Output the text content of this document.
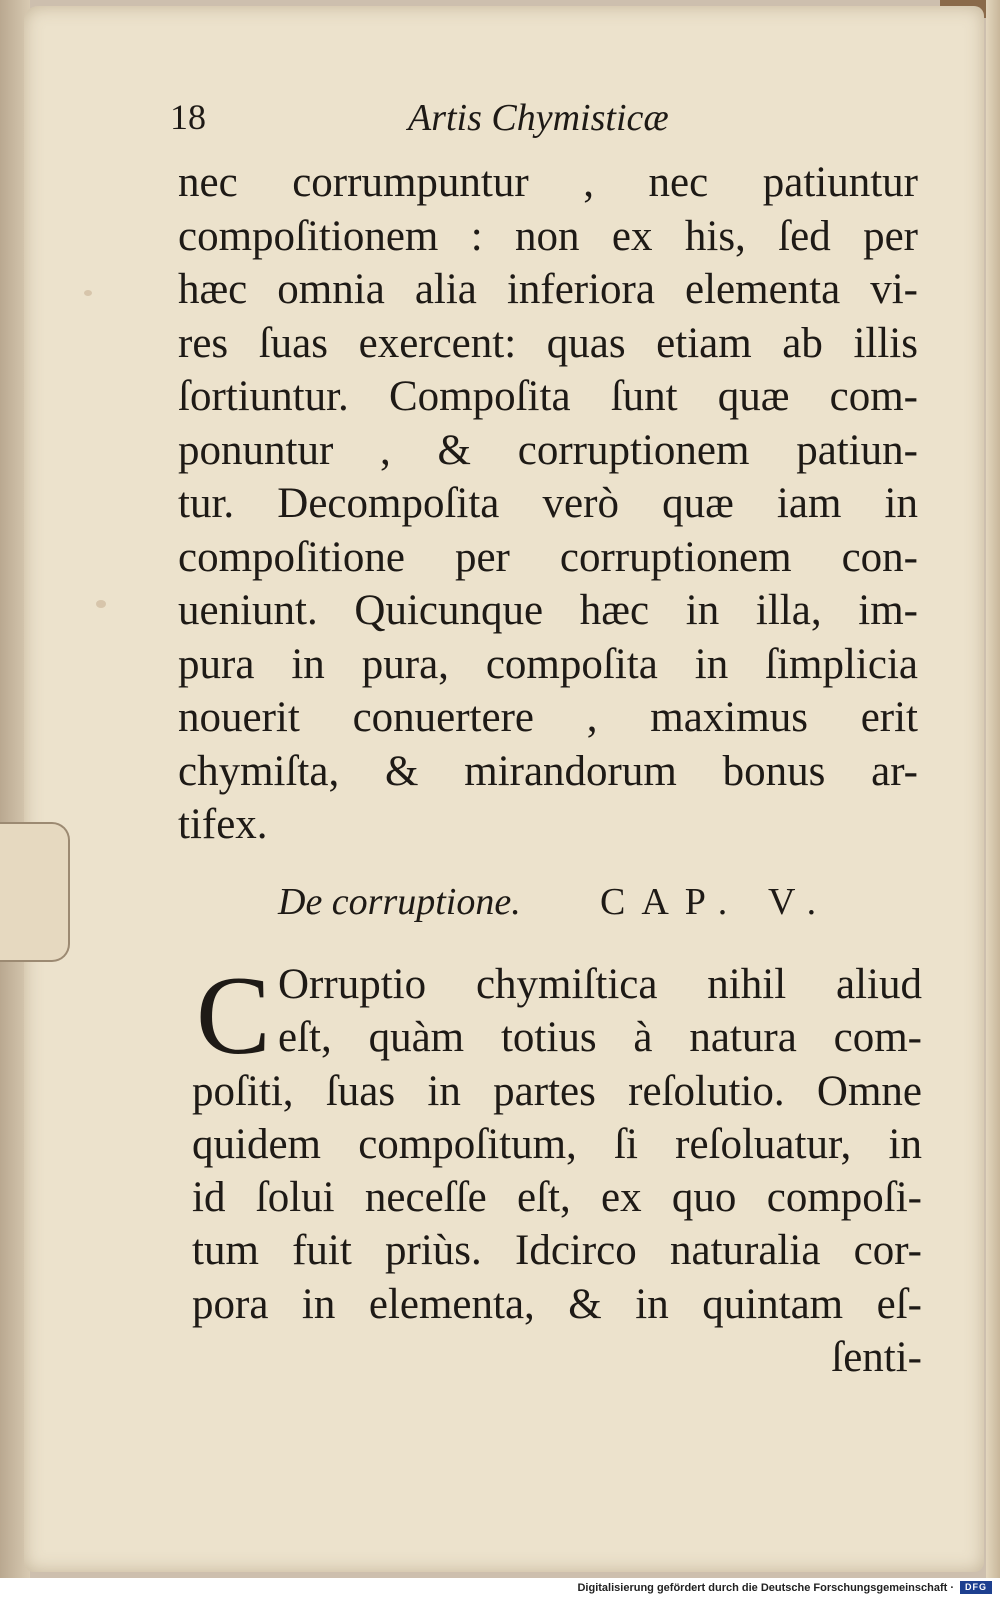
18	Artis Chymisticæ
nec corrumpuntur , nec patiuntur
compoſitionem : non ex his, ſed per
hæc omnia alia inferiora elementa vi-
res ſuas exercent: quas etiam ab illis
ſortiuntur. Compoſita ſunt quæ com-
ponuntur , & corruptionem patiun-
tur. Decompoſita verò quæ iam in
compoſitione per corruptionem con-
ueniunt. Quicunque hæc in illa, im-
pura in pura, compoſita in ſimplicia
nouerit conuertere , maximus erit
chymiſta, & mirandorum bonus ar-
tifex.
De corruptione. CAP. V.
C Orruptio chymiſtica nihil aliud
eſt, quàm totius à natura com-
poſiti, ſuas in partes reſolutio. Omne
quidem compoſitum, ſi reſoluatur, in
id ſolui neceſſe eſt, ex quo compoſi-
tum fuit priùs. Idcirco naturalia cor-
pora in elementa, & in quintam eſ-
ſenti-
Digitalisierung gefördert durch die Deutsche Forschungsgemeinschaft ·	DFG
